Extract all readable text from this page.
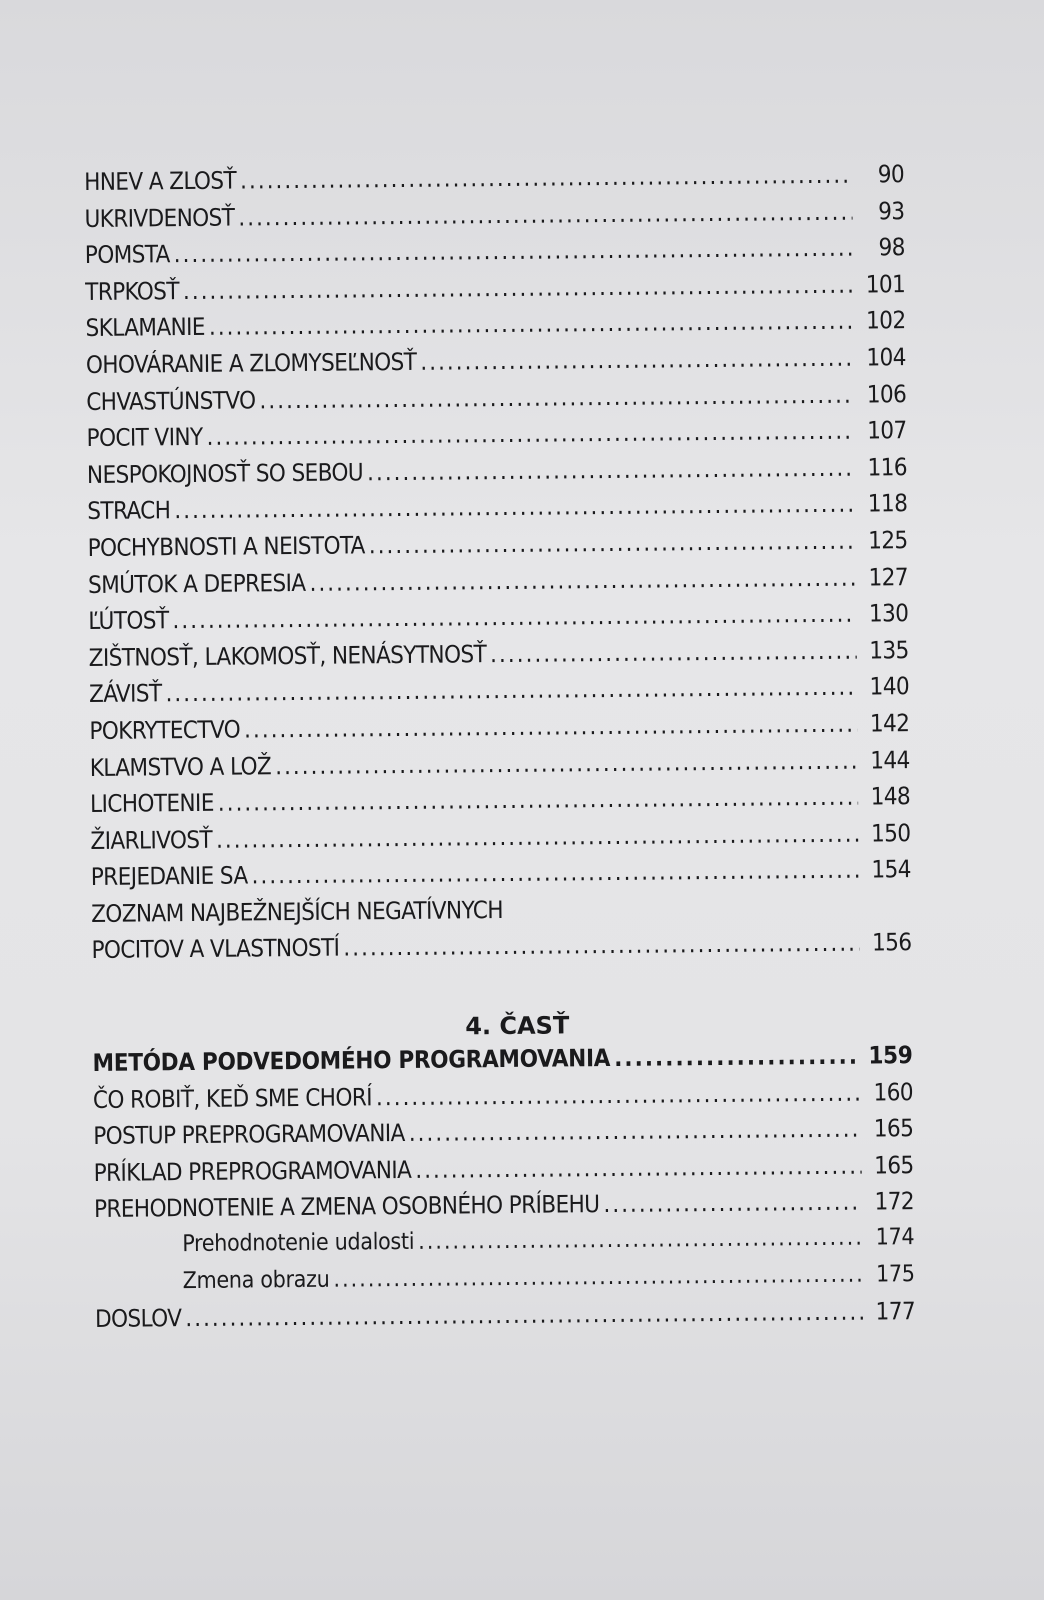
HNEV A ZLOSŤ .....	90
UKRIVDENOSŤ .....	93
POMSTA .....	98
TRPKOSŤ .....	101
SKLAMANIE .....	102
OHOVÁRANIE A ZLOMYSEĽNOSŤ .....	104
CHVASTÚNSTVO .....	106
POCIT VINY .....	107
NESPOKOJNOSŤ SO SEBOU .....	116
STRACH .....	118
POCHYBNOSTI A NEISTOTA .....	125
SMÚTOK A DEPRESIA .....	127
ĽÚTOSŤ .....	130
ZIŠTNOSŤ, LAKOMOSŤ, NENÁSYTNOSŤ .....	135
ZÁVISŤ .....	140
POKRYTECTVO .....	142
KLAMSTVO A LOŽ .....	144
LICHOTENIE .....	148
ŽIARLIVOSŤ .....	150
PREJEDANIE SA .....	154
ZOZNAM NAJBEŽNEJŠÍCH NEGATÍVNYCH
POCITOV A VLASTNOSTÍ .....	156
4. ČASŤ
METÓDA PODVEDOMÉHO PROGRAMOVANIA .....	159
ČO ROBIŤ, KEĎ SME CHORÍ .....	160
POSTUP PREPROGRAMOVANIA .....	165
PRÍKLAD PREPROGRAMOVANIA .....	165
PREHODNOTENIE A ZMENA OSOBNÉHO PRÍBEHU .....	172
Prehodnotenie udalosti .....	174
Zmena obrazu .....	175
DOSLOV .....	177
